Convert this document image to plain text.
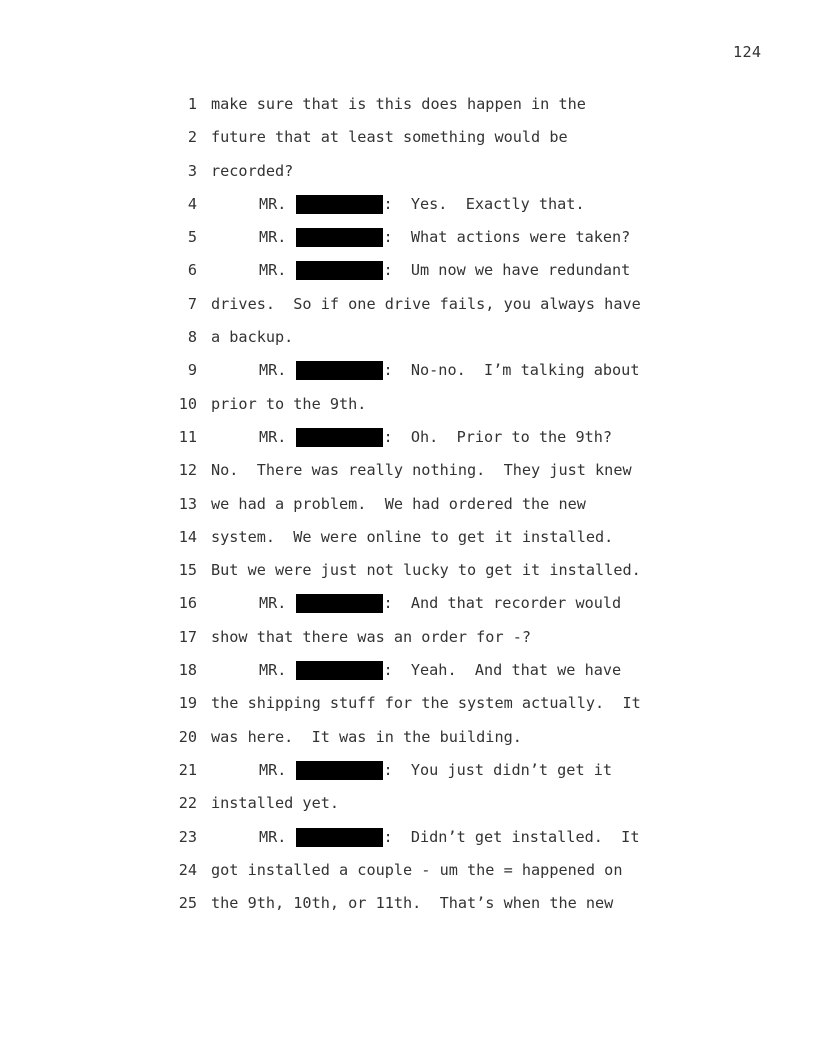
124
1 make sure that is this does happen in the
2 future that at least something would be
3 recorded?
4	MR.	:  Yes.  Exactly that.
5	MR.	:  What actions were taken?
6	MR.	:  Um now we have redundant
7 drives.  So if one drive fails, you always have
8 a backup.
9	MR.	:  No-no.  I’m talking about
10 prior to the 9th.
11	MR.	:  Oh.  Prior to the 9th?
12 No.  There was really nothing.  They just knew
13 we had a problem.  We had ordered the new
14 system.  We were online to get it installed.
15 But we were just not lucky to get it installed.
16	MR.	:  And that recorder would
17 show that there was an order for -?
18	MR.	:  Yeah.  And that we have
19 the shipping stuff for the system actually.  It
20 was here.  It was in the building.
21	MR.	:  You just didn’t get it
22 installed yet.
23	MR.	:  Didn’t get installed.  It
24 got installed a couple - um the = happened on
25 the 9th, 10th, or 11th.  That’s when the new
